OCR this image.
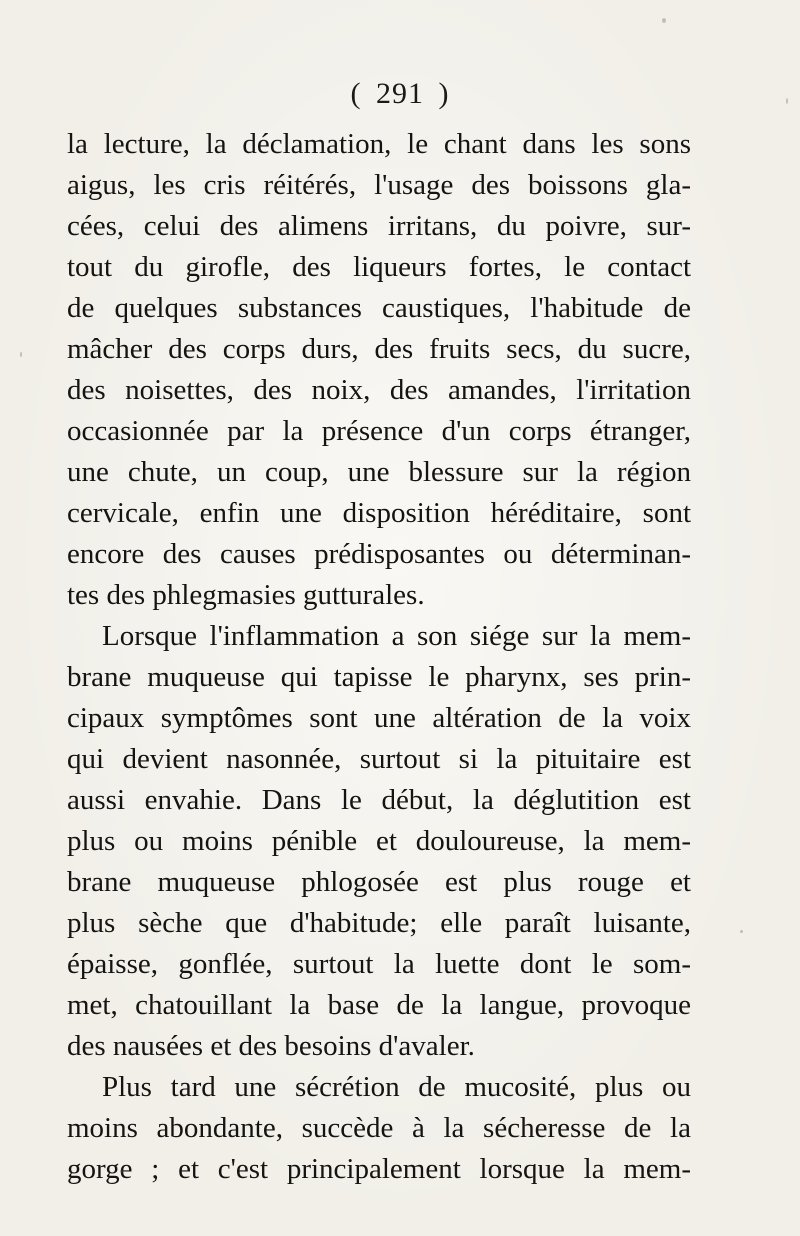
( 291 )
la lecture, la déclamation, le chant dans les sons
aigus, les cris réitérés, l'usage des boissons gla-
cées, celui des alimens irritans, du poivre, sur-
tout du girofle, des liqueurs fortes, le contact
de quelques substances caustiques, l'habitude de
mâcher des corps durs, des fruits secs, du sucre,
des noisettes, des noix, des amandes, l'irritation
occasionnée par la présence d'un corps étranger,
une chute, un coup, une blessure sur la région
cervicale, enfin une disposition héréditaire, sont
encore des causes prédisposantes ou déterminan-
tes des phlegmasies gutturales.
Lorsque l'inflammation a son siége sur la mem-
brane muqueuse qui tapisse le pharynx, ses prin-
cipaux symptômes sont une altération de la voix
qui devient nasonnée, surtout si la pituitaire est
aussi envahie. Dans le début, la déglutition est
plus ou moins pénible et douloureuse, la mem-
brane muqueuse phlogosée est plus rouge et
plus sèche que d'habitude; elle paraît luisante,
épaisse, gonflée, surtout la luette dont le som-
met, chatouillant la base de la langue, provoque
des nausées et des besoins d'avaler.
Plus tard une sécrétion de mucosité, plus ou
moins abondante, succède à la sécheresse de la
gorge ; et c'est principalement lorsque la mem-
